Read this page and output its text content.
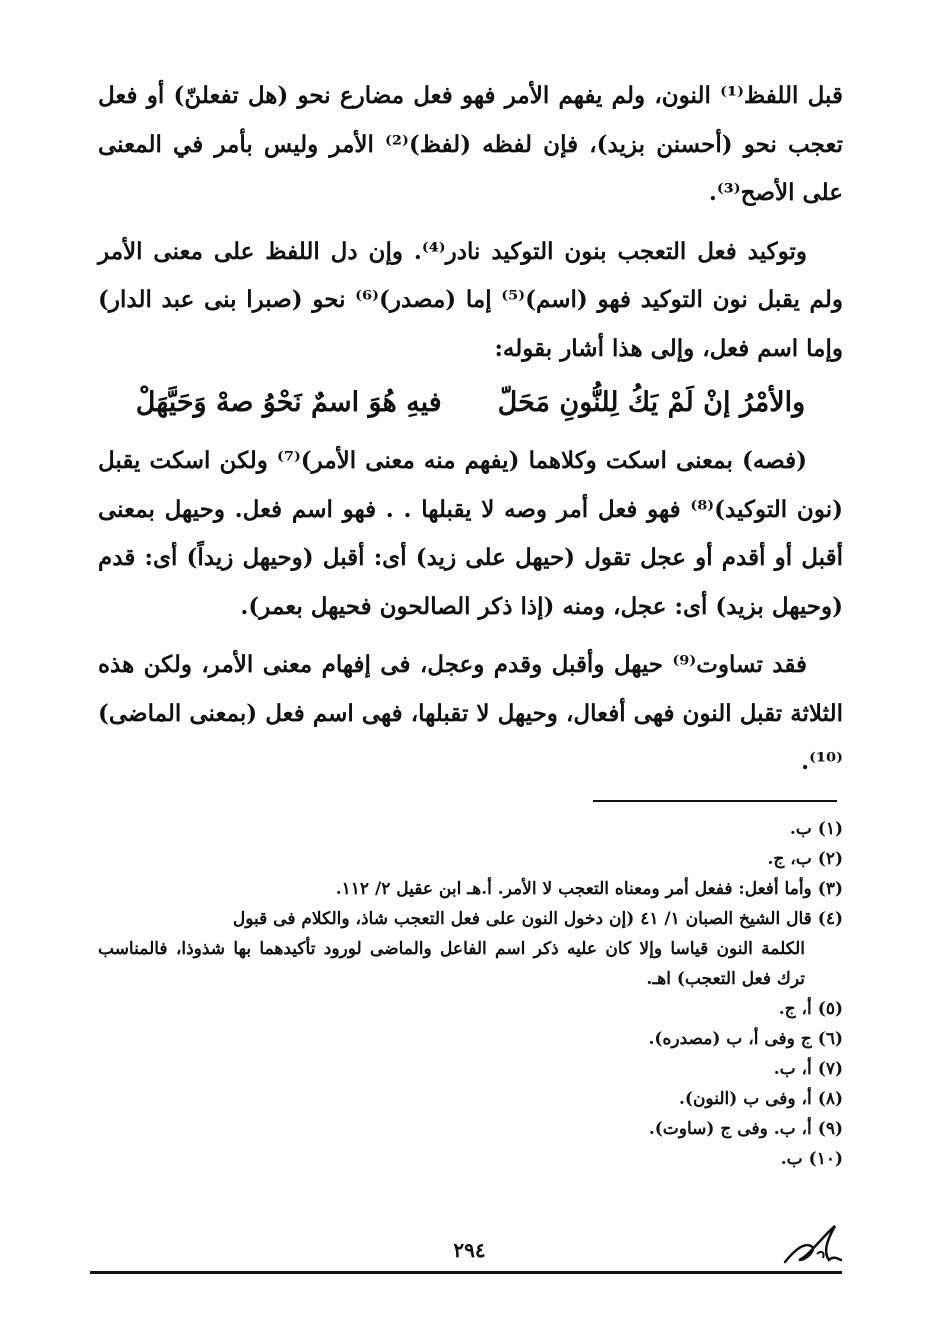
قبل اللفظ⁽¹⁾ النون، ولم يفهم الأمر فهو فعل مضارع نحو (هل تفعلنّ) أو فعل تعجب نحو (أحسنن بزيد)، فإن لفظه (لفظ)⁽²⁾ الأمر وليس بأمر في المعنى على الأصح⁽³⁾.

وتوكيد فعل التعجب بنون التوكيد نادر⁽⁴⁾. وإن دل اللفظ على معنى الأمر ولم يقبل نون التوكيد فهو (اسم)⁽⁵⁾ إما (مصدر)⁽⁶⁾ نحو (صبرا بنى عبد الدار) وإما اسم فعل، وإلى هذا أشار بقوله:

والأمْرُ إنْ لَمْ يَكُ لِلنُّونِ مَحَلّ
فيهِ هُوَ اسمٌ نَحْوُ صهْ وَحَيَّهَلْ

(فصه) بمعنى اسكت وكلاهما (يفهم منه معنى الأمر)⁽⁷⁾ ولكن اسكت يقبل (نون التوكيد)⁽⁸⁾ فهو فعل أمر وصه لا يقبلها . . فهو اسم فعل. وحيهل بمعنى أقبل أو أقدم أو عجل تقول (حيهل على زيد) أى: أقبل (وحيهل زيداً) أى: قدم (وحيهل بزيد) أى: عجل، ومنه (إذا ذكر الصالحون فحيهل بعمر).

فقد تساوت⁽⁹⁾ حيهل وأقبل وقدم وعجل، فى إفهام معنى الأمر، ولكن هذه الثلاثة تقبل النون فهى أفعال، وحيهل لا تقبلها، فهى اسم فعل (بمعنى الماضى)⁽¹⁰⁾.

(١)ب.
(٢)ب، ج.
(٣)وأما أفعل: ففعل أمر ومعناه التعجب لا الأمر. أ.هـ ابن عقيل ٢/ ١١٢.
(٤)قال الشيخ الصبان ١/ ٤١ (إن دخول النون على فعل التعجب شاذ، والكلام فى قبول
الكلمة النون قياسا وإلا كان عليه ذكر اسم الفاعل والماضى لورود تأكيدهما بها شذوذا، فالمناسب ترك فعل التعجب) اهـ.
(٥)أ، ج.
(٦)ج وفى أ، ب (مصدره).
(٧)أ، ب.
(٨)أ، وفى ب (النون).
(٩)أ، ب. وفى ج (ساوت).
(١٠)ب.
٢٩٤
